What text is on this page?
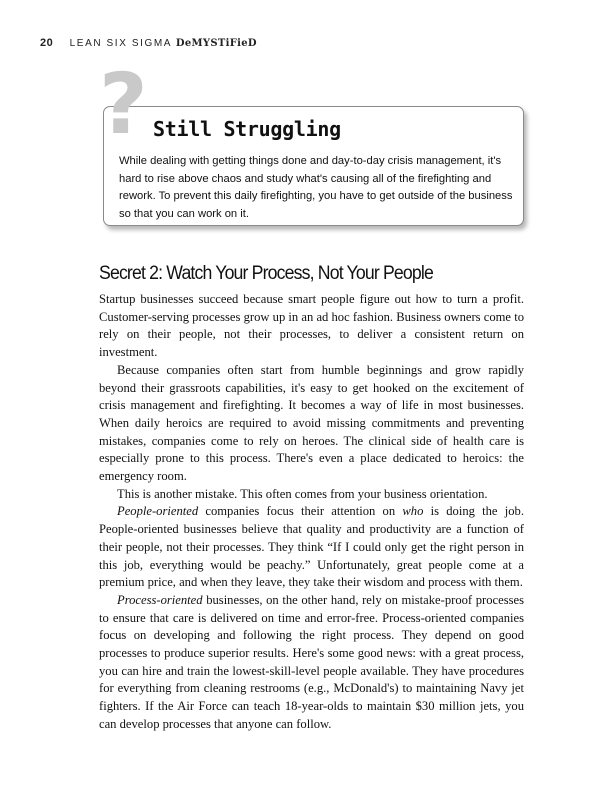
20 LEAN SIX SIGMA DeMYSTiFieD
Still Struggling
While dealing with getting things done and day-to-day crisis management, it's hard to rise above chaos and study what's causing all of the firefighting and rework. To prevent this daily firefighting, you have to get outside of the business so that you can work on it.
?
Secret 2: Watch Your Process, Not Your People

Startup businesses succeed because smart people figure out how to turn a profit. Customer-serving processes grow up in an ad hoc fashion. Business owners come to rely on their people, not their processes, to deliver a consistent return on investment.

Because companies often start from humble beginnings and grow rapidly beyond their grassroots capabilities, it's easy to get hooked on the excitement of crisis management and firefighting. It becomes a way of life in most businesses. When daily heroics are required to avoid missing commitments and preventing mistakes, companies come to rely on heroes. The clinical side of health care is especially prone to this process. There's even a place dedicated to heroics: the emergency room.

This is another mistake. This often comes from your business orientation.

People-oriented companies focus their attention on who is doing the job. People-oriented businesses believe that quality and productivity are a function of their people, not their processes. They think “If I could only get the right person in this job, everything would be peachy.” Unfortunately, great people come at a premium price, and when they leave, they take their wisdom and process with them.

Process-oriented businesses, on the other hand, rely on mistake-proof processes to ensure that care is delivered on time and error-free. Process-oriented companies focus on developing and following the right process. They depend on good processes to produce superior results. Here's some good news: with a great process, you can hire and train the lowest-skill-level people available. They have procedures for everything from cleaning restrooms (e.g., McDonald's) to maintaining Navy jet fighters. If the Air Force can teach 18-year-olds to maintain $30 million jets, you can develop processes that anyone can follow.
